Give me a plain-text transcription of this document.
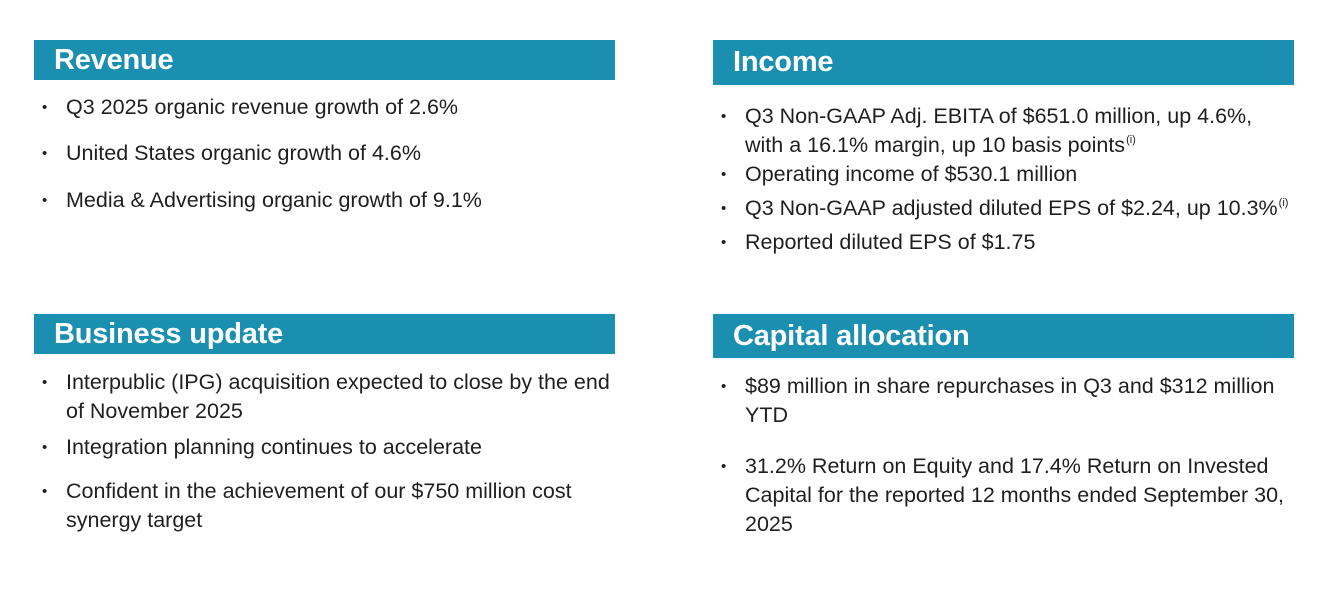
Revenue
• Q3 2025 organic revenue growth of 2.6%
• United States organic growth of 4.6%
• Media & Advertising organic growth of 9.1%
Income
• Q3 Non-GAAP Adj. EBITA of $651.0 million, up 4.6%, with a 16.1% margin, up 10 basis points$^{(i)}$
• Operating income of $530.1 million
• Q3 Non-GAAP adjusted diluted EPS of $2.24, up 10.3%$^{(i)}$
• Reported diluted EPS of $1.75
Business update
• Interpublic (IPG) acquisition expected to close by the end of November 2025
• Integration planning continues to accelerate
• Confident in the achievement of our $750 million cost synergy target
Capital allocation
• $89 million in share repurchases in Q3 and $312 million YTD
• 31.2% Return on Equity and 17.4% Return on Invested Capital for the reported 12 months ended September 30, 2025
